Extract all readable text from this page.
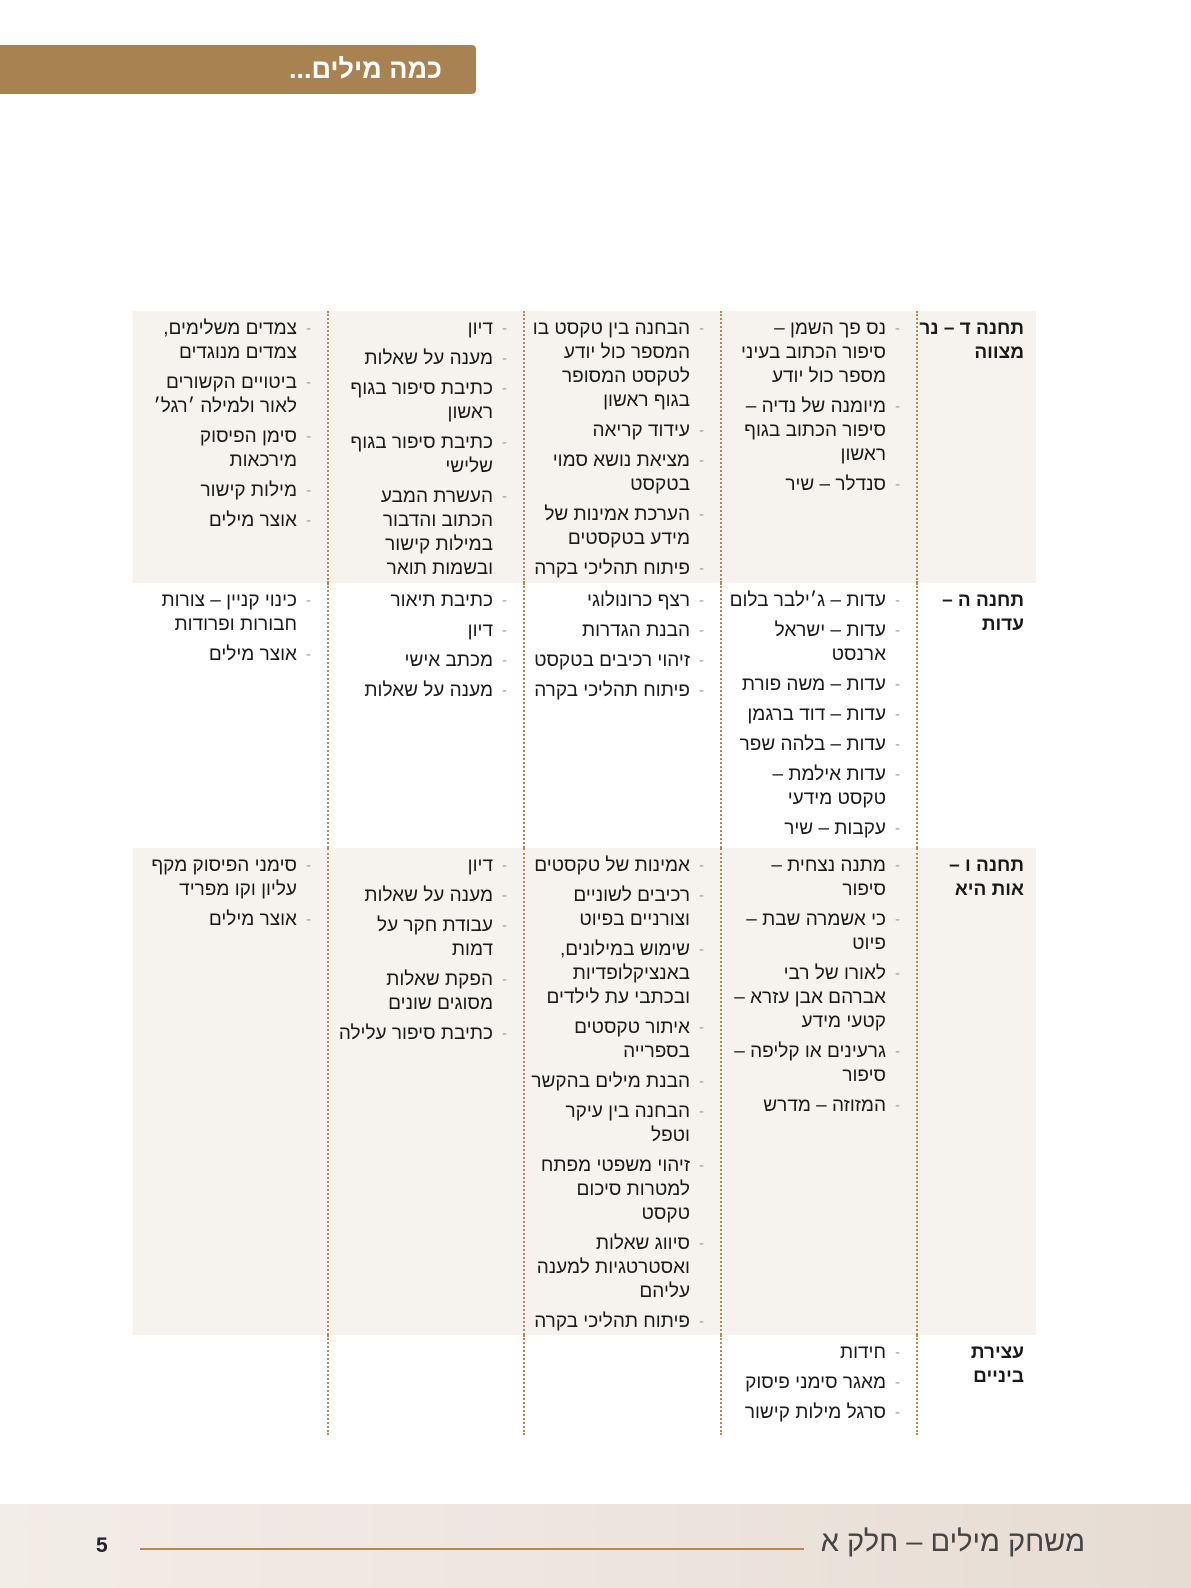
כמה מילים...
תחנה ד – נר מצווה
- נס פך השמן – סיפור הכתוב בעיני מספר כול יודע
- מיומנה של נדיה – סיפור הכתוב בגוף ראשון
- סנדלר – שיר
- הבחנה בין טקסט בו המספר כול יודע לטקסט המסופר בגוף ראשון
- עידוד קריאה
- מציאת נושא סמוי בטקסט
- הערכת אמינות של מידע בטקסטים
- פיתוח תהליכי בקרה
- דיון
- מענה על שאלות
- כתיבת סיפור בגוף ראשון
- כתיבת סיפור בגוף שלישי
- העשרת המבע הכתוב והדבור במילות קישור ובשמות תואר
- צמדים משלימים, צמדים מנוגדים
- ביטויים הקשורים לאור ולמילה ׳רגל׳
- סימן הפיסוק מירכאות
- מילות קישור
- אוצר מילים
תחנה ה – עדות
- עדות – ג׳ילבר בלום
- עדות – ישראל ארנסט
- עדות – משה פורת
- עדות – דוד ברגמן
- עדות – בלהה שפר
- עדות אילמת – טקסט מידעי
- עקבות – שיר
- רצף כרונולוגי
- הבנת הגדרות
- זיהוי רכיבים בטקסט
- פיתוח תהליכי בקרה
- כתיבת תיאור
- דיון
- מכתב אישי
- מענה על שאלות
- כינוי קניין – צורות חבורות ופרודות
- אוצר מילים
תחנה ו – אות היא
- מתנה נצחית – סיפור
- כי אשמרה שבת – פיוט
- לאורו של רבי אברהם אבן עזרא – קטעי מידע
- גרעינים או קליפה – סיפור
- המזוזה – מדרש
- אמינות של טקסטים
- רכיבים לשוניים וצורניים בפיוט
- שימוש במילונים, באנציקלופדיות ובכתבי עת לילדים
- איתור טקסטים בספרייה
- הבנת מילים בהקשר
- הבחנה בין עיקר וטפל
- זיהוי משפטי מפתח למטרות סיכום טקסט
- סיווג שאלות ואסטרטגיות למענה עליהם
- פיתוח תהליכי בקרה
- דיון
- מענה על שאלות
- עבודת חקר על דמות
- הפקת שאלות מסוגים שונים
- כתיבת סיפור עלילה
- סימני הפיסוק מקף עליון וקו מפריד
- אוצר מילים
עצירת ביניים
- חידות
- מאגר סימני פיסוק
- סרגל מילות קישור
5	משחק מילים – חלק א
